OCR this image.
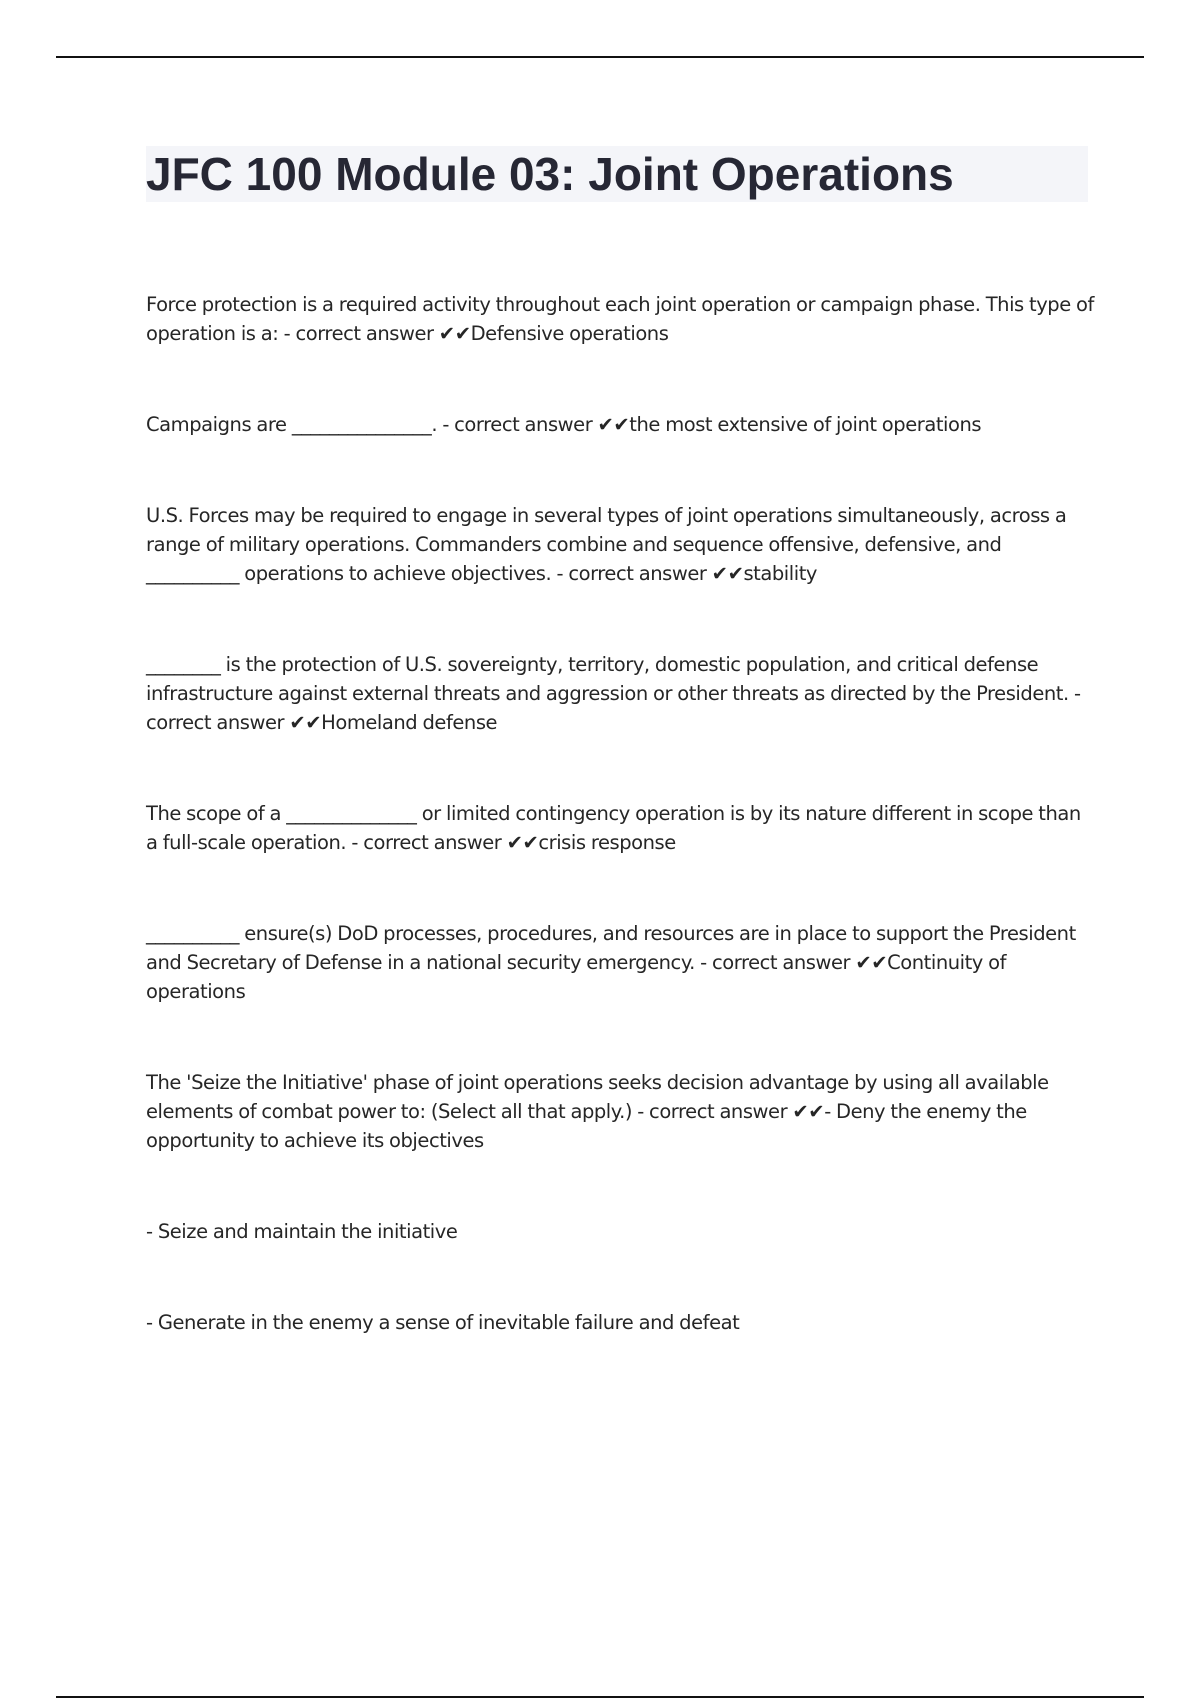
JFC 100 Module 03: Joint Operations

Force protection is a required activity throughout each joint operation or campaign phase. This type of operation is a: - correct answer ✔✔Defensive operations

Campaigns are _______________. - correct answer ✔✔the most extensive of joint operations

U.S. Forces may be required to engage in several types of joint operations simultaneously, across a range of military operations. Commanders combine and sequence offensive, defensive, and __________ operations to achieve objectives. - correct answer ✔✔stability

________ is the protection of U.S. sovereignty, territory, domestic population, and critical defense infrastructure against external threats and aggression or other threats as directed by the President. - correct answer ✔✔Homeland defense

The scope of a ______________ or limited contingency operation is by its nature different in scope than a full-scale operation. - correct answer ✔✔crisis response

__________ ensure(s) DoD processes, procedures, and resources are in place to support the President and Secretary of Defense in a national security emergency. - correct answer ✔✔Continuity of operations

The 'Seize the Initiative' phase of joint operations seeks decision advantage by using all available elements of combat power to: (Select all that apply.) - correct answer ✔✔- Deny the enemy the opportunity to achieve its objectives

- Seize and maintain the initiative

- Generate in the enemy a sense of inevitable failure and defeat
